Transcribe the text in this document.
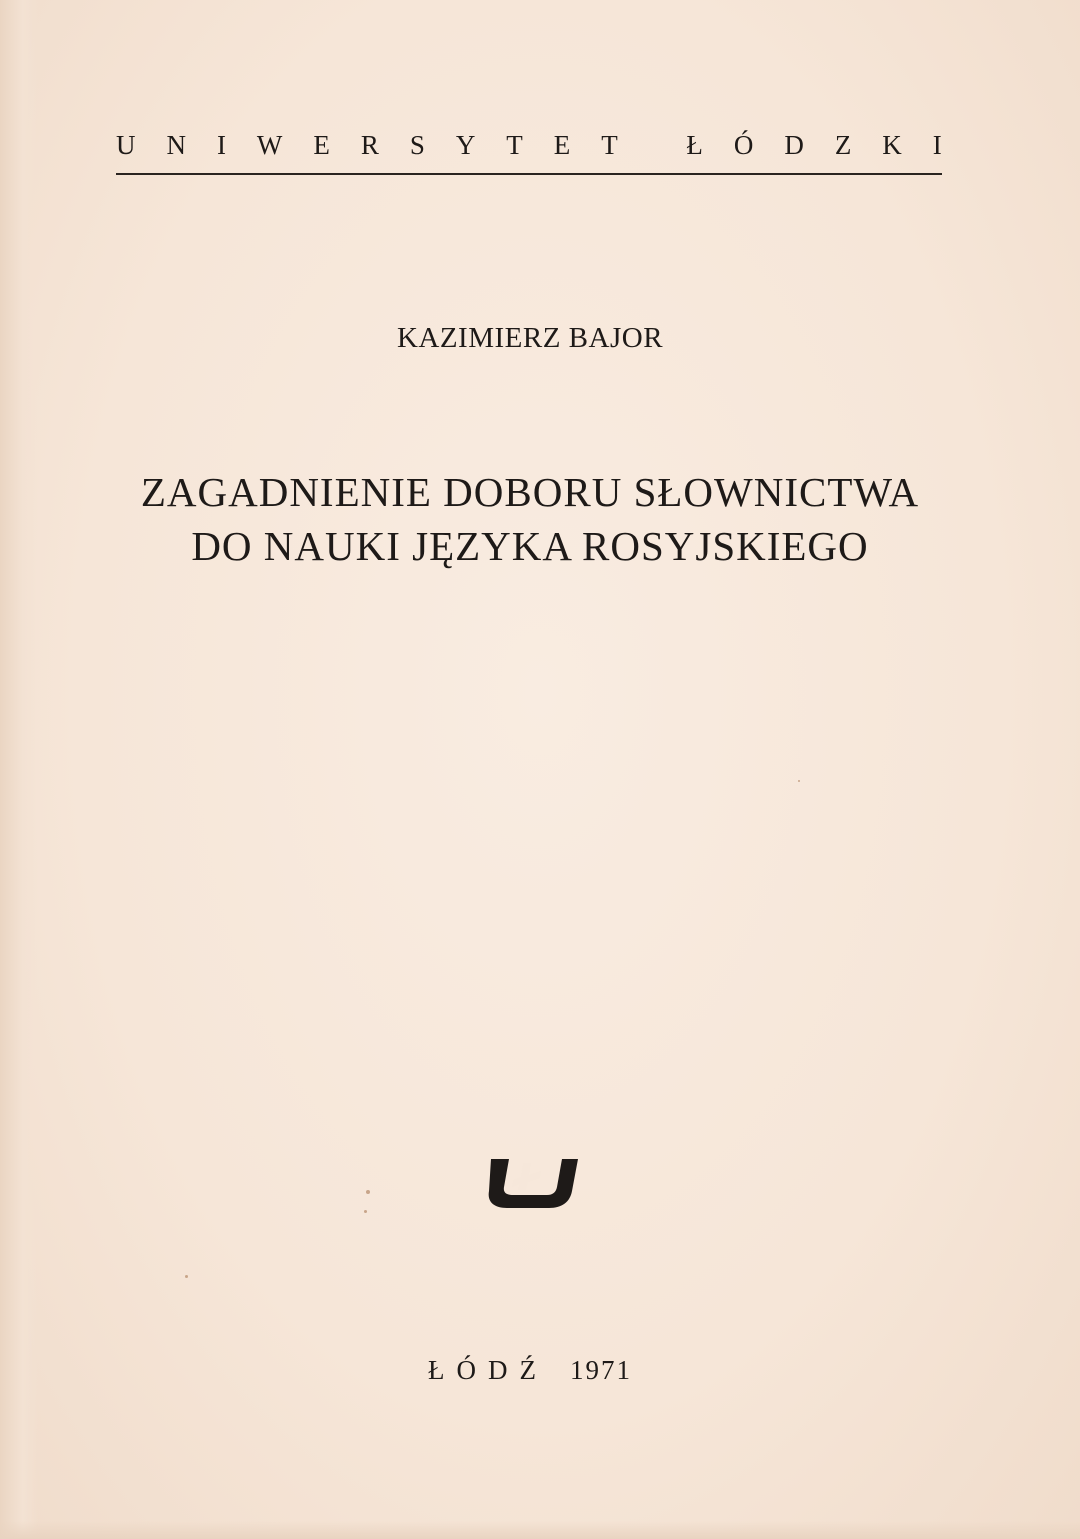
U N I W E R S Y T E T
	Ł Ó D Z K I
KAZIMIERZ BAJOR
ZAGADNIENIE DOBORU SŁOWNICTWA
DO NAUKI JĘZYKA ROSYJSKIEGO
ŁÓDŹ 1971
